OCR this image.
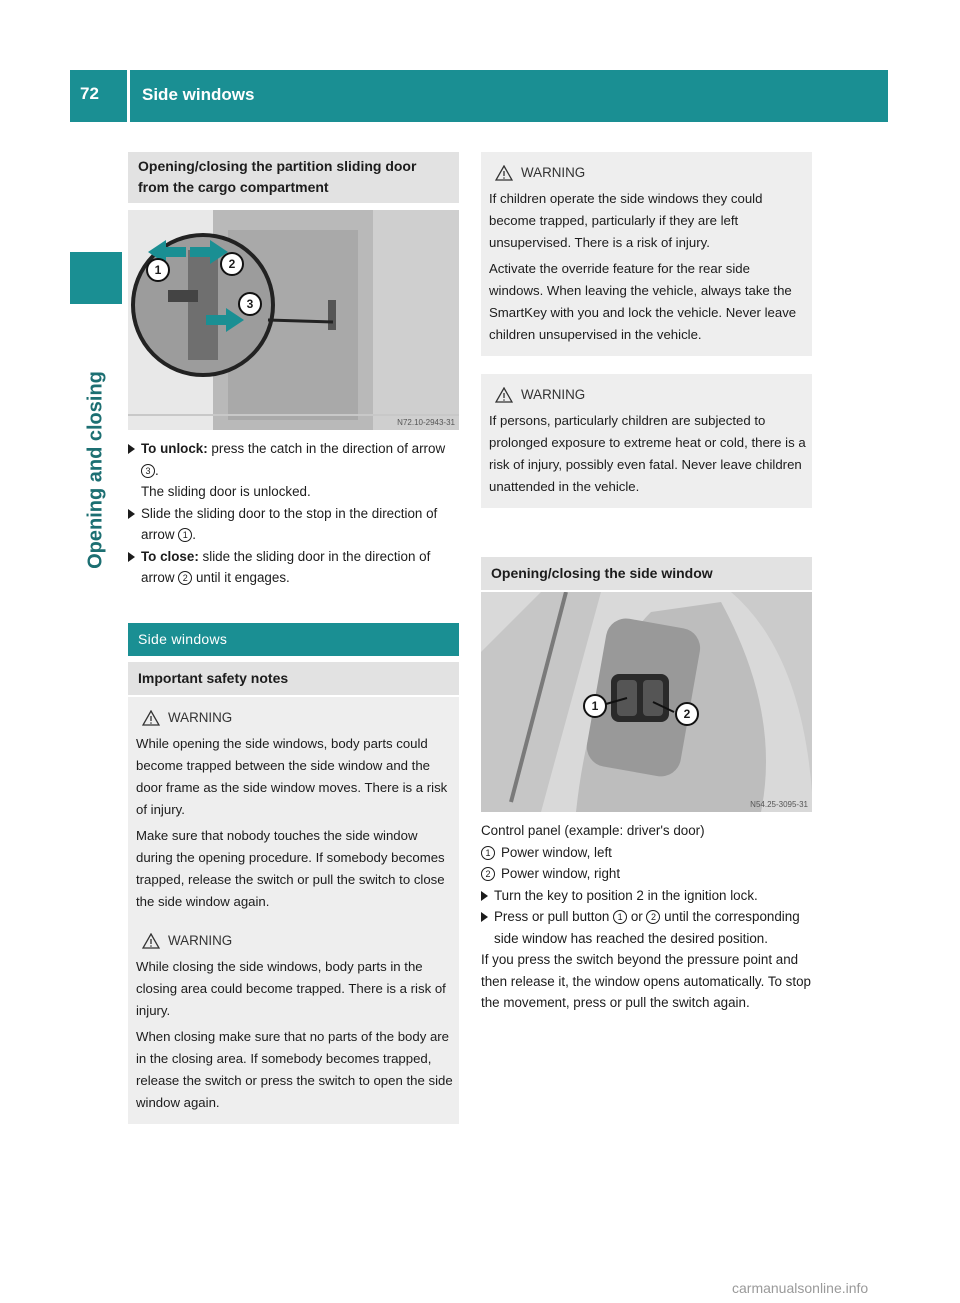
72	Side windows
Opening and closing
Opening/closing the partition sliding door from the cargo compartment
1	2
3
N72.10-2943-31
To unlock: press the catch in the direction of arrow 3 .
The sliding door is unlocked.
Slide the sliding door to the stop in the direction of arrow 1 .
To close: slide the sliding door in the direction of arrow 2 until it engages.
Side windows
Important safety notes
WARNING

While opening the side windows, body parts could become trapped between the side window and the door frame as the side window moves. There is a risk of injury.

Make sure that nobody touches the side window during the opening procedure. If somebody becomes trapped, release the switch or pull the switch to close the side window again.

WARNING

While closing the side windows, body parts in the closing area could become trapped. There is a risk of injury.

When closing make sure that no parts of the body are in the closing area. If somebody becomes trapped, release the switch or press the switch to open the side window again.

WARNING

If children operate the side windows they could become trapped, particularly if they are left unsupervised. There is a risk of injury.

Activate the override feature for the rear side windows. When leaving the vehicle, always take the SmartKey with you and lock the vehicle. Never leave children unsupervised in the vehicle.

WARNING

If persons, particularly children are subjected to prolonged exposure to extreme heat or cold, there is a risk of injury, possibly even fatal. Never leave children unattended in the vehicle.

Opening/closing the side window
1
2
N54.25-3095-31
Control panel (example: driver's door)
1 Power window, left
2 Power window, right
Turn the key to position 2 in the ignition lock.
Press or pull button 1 or 2 until the corresponding side window has reached the desired position.
If you press the switch beyond the pressure point and then release it, the window opens automatically. To stop the movement, press or pull the switch again.
carmanualsonline.info
